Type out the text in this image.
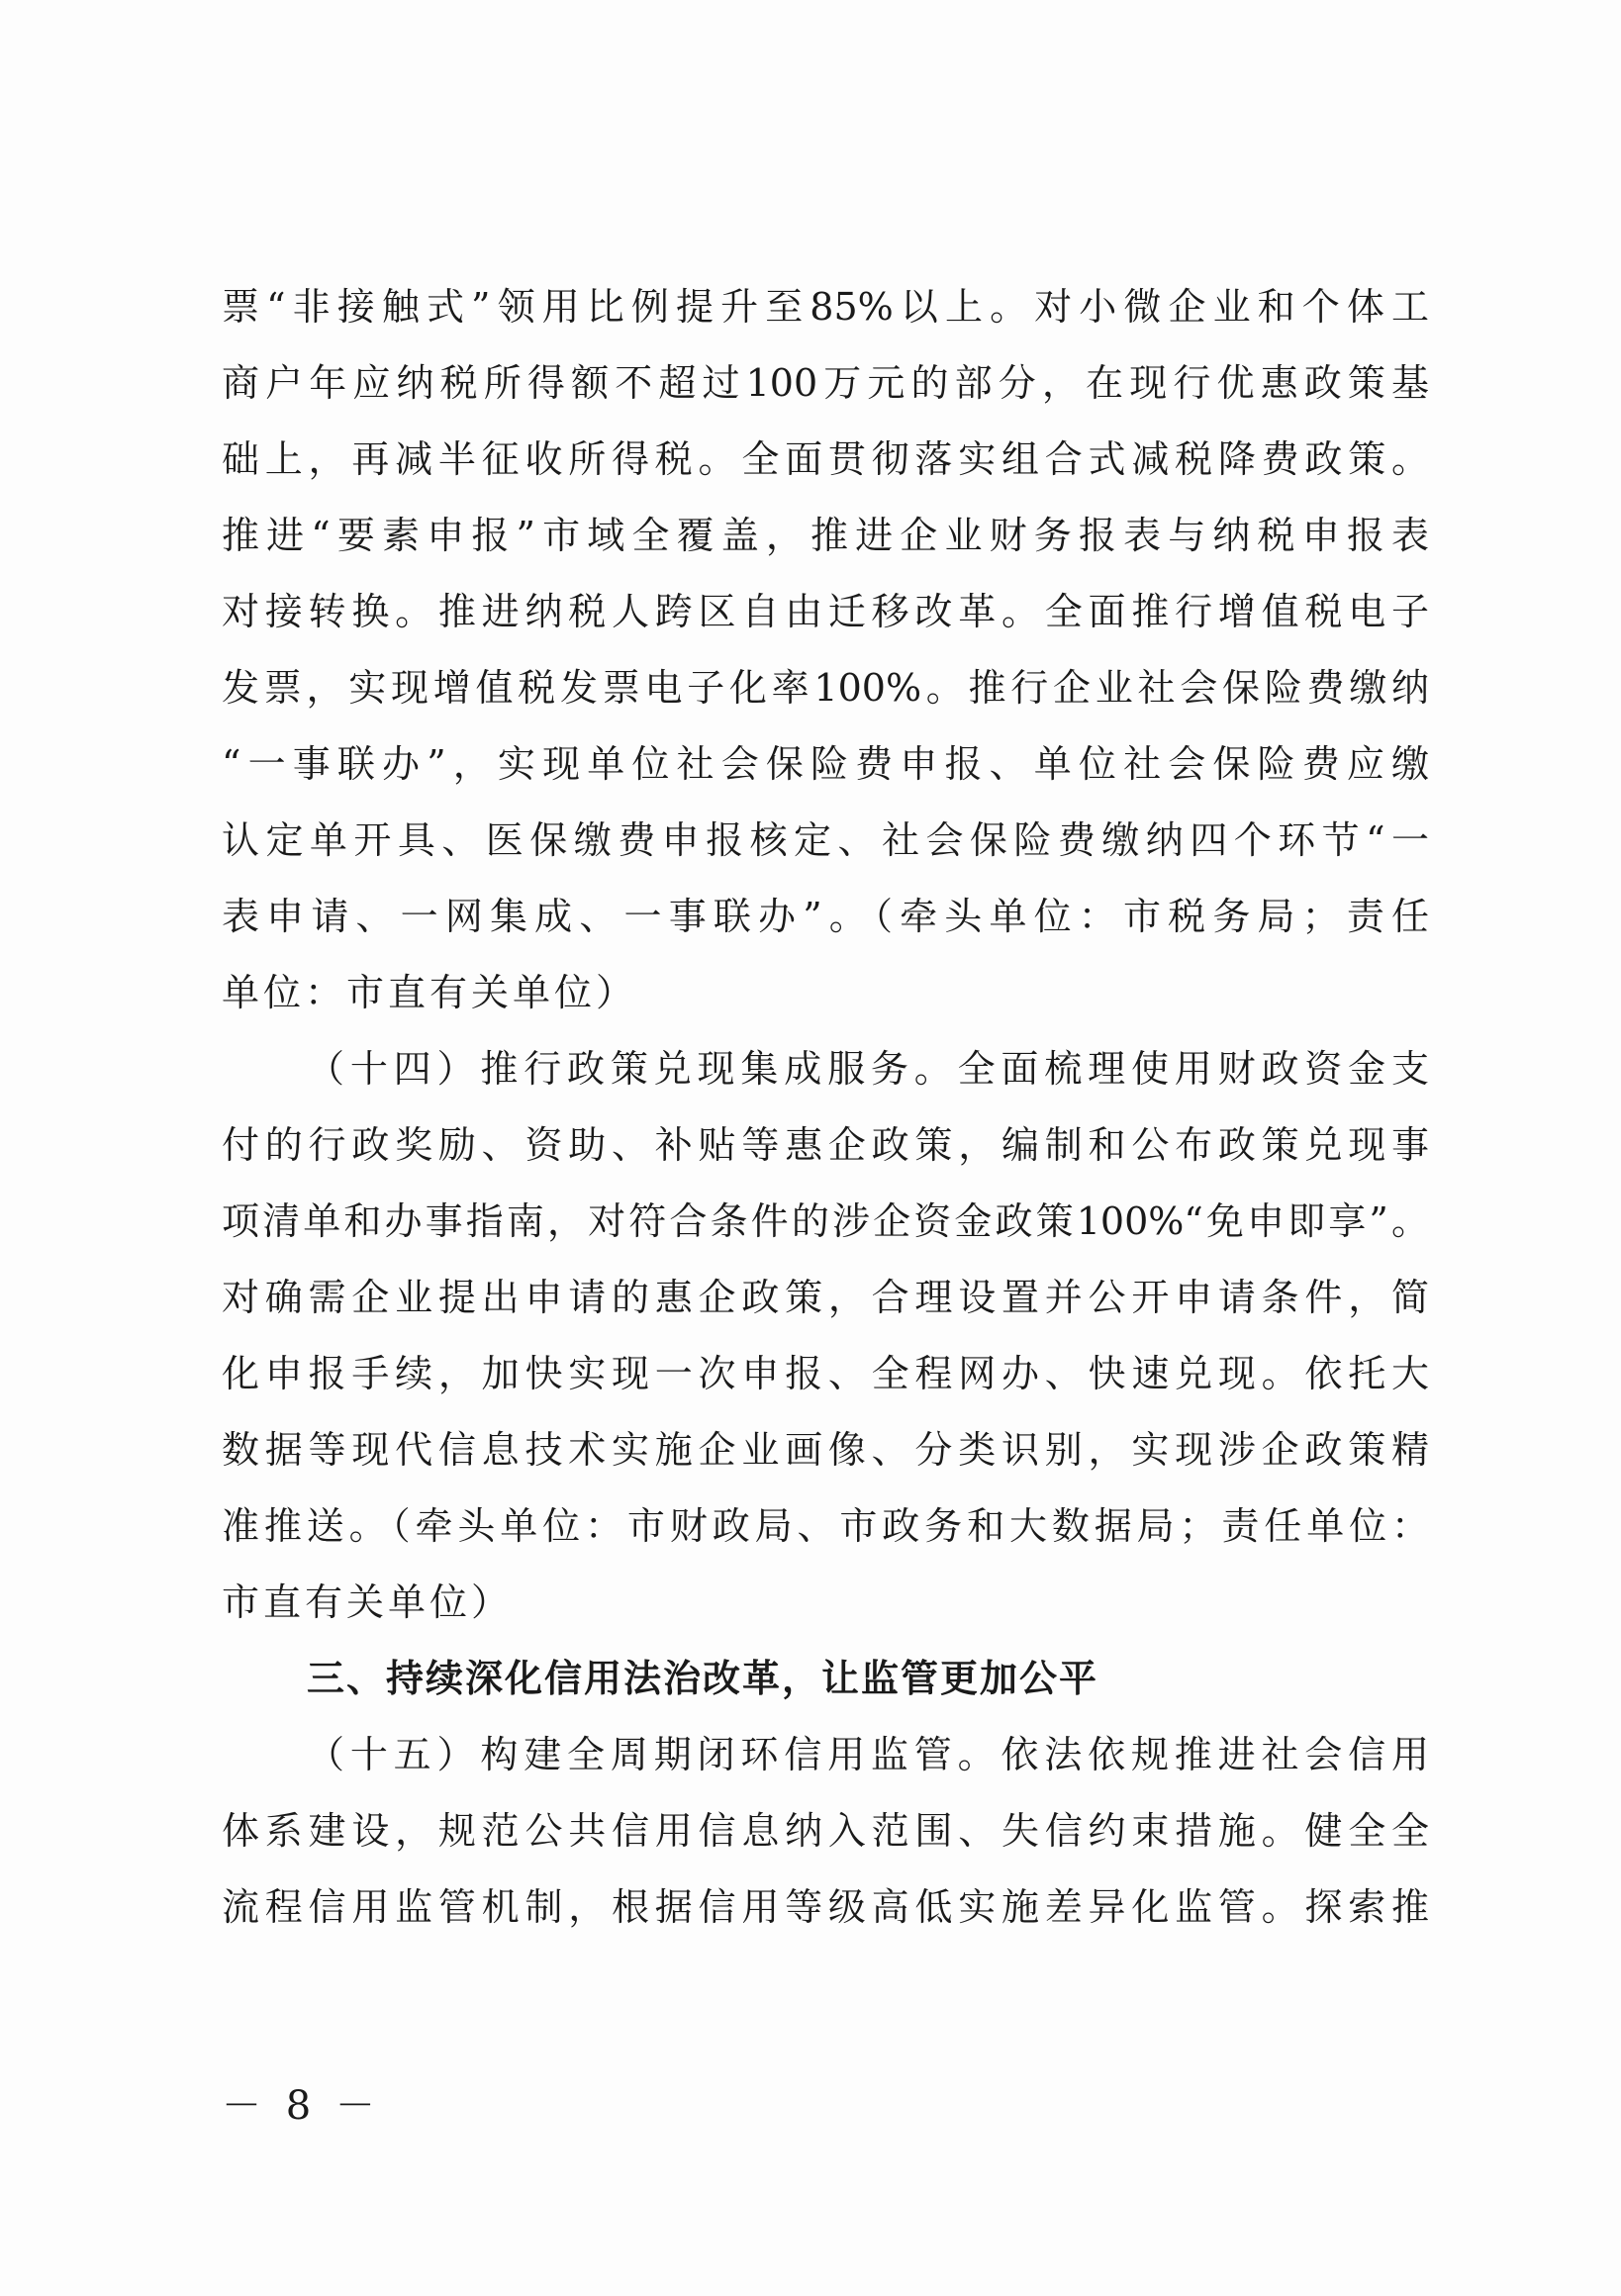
票“非接触式”领用比例提升至85%以上。对小微企业和个体工
商户年应纳税所得额不超过100万元的部分，在现行优惠政策基
础上，再减半征收所得税。全面贯彻落实组合式减税降费政策。
推进“要素申报”市域全覆盖，推进企业财务报表与纳税申报表
对接转换。推进纳税人跨区自由迁移改革。全面推行增值税电子
发票，实现增值税发票电子化率100%。推行企业社会保险费缴纳
“一事联办”，实现单位社会保险费申报、单位社会保险费应缴
认定单开具、医保缴费申报核定、社会保险费缴纳四个环节“一
表申请、一网集成、一事联办”。（牵头单位：市税务局；责任
单位：市直有关单位）
（十四）推行政策兑现集成服务。全面梳理使用财政资金支
付的行政奖励、资助、补贴等惠企政策，编制和公布政策兑现事
项清单和办事指南，对符合条件的涉企资金政策100%“免申即享”。
对确需企业提出申请的惠企政策，合理设置并公开申请条件，简
化申报手续，加快实现一次申报、全程网办、快速兑现。依托大
数据等现代信息技术实施企业画像、分类识别，实现涉企政策精
准推送。（牵头单位：市财政局、市政务和大数据局；责任单位：
市直有关单位）
三、持续深化信用法治改革，让监管更加公平
（十五）构建全周期闭环信用监管。依法依规推进社会信用
体系建设，规范公共信用信息纳入范围、失信约束措施。健全全
流程信用监管机制，根据信用等级高低实施差异化监管。探索推
－ 8 －
